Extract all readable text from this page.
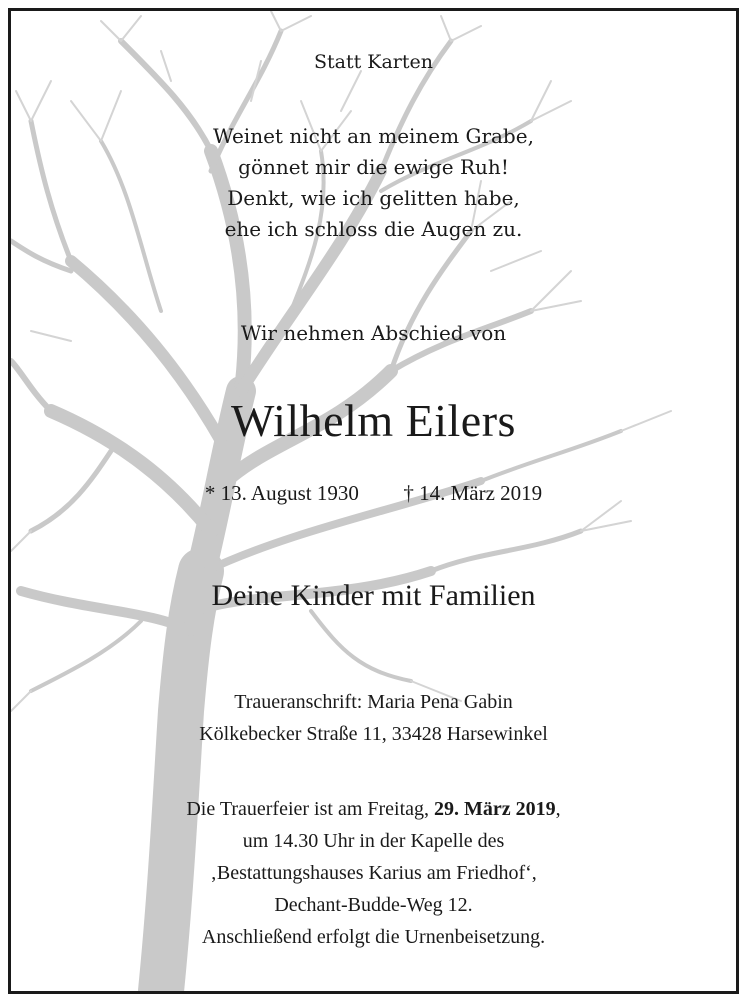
Statt Karten
Weinet nicht an meinem Grabe,
gönnet mir die ewige Ruh!
Denkt, wie ich gelitten habe,
ehe ich schloss die Augen zu.
Wir nehmen Abschied von
Wilhelm Eilers
* 13. August 1930 † 14. März 2019
Deine Kinder mit Familien
Traueranschrift: Maria Pena Gabin
Kölkebecker Straße 11, 33428 Harsewinkel
Die Trauerfeier ist am Freitag, 29. März 2019,
um 14.30 Uhr in der Kapelle des
‚Bestattungshauses Karius am Friedhof‘,
Dechant-Budde-Weg 12.
Anschließend erfolgt die Urnenbeisetzung.
